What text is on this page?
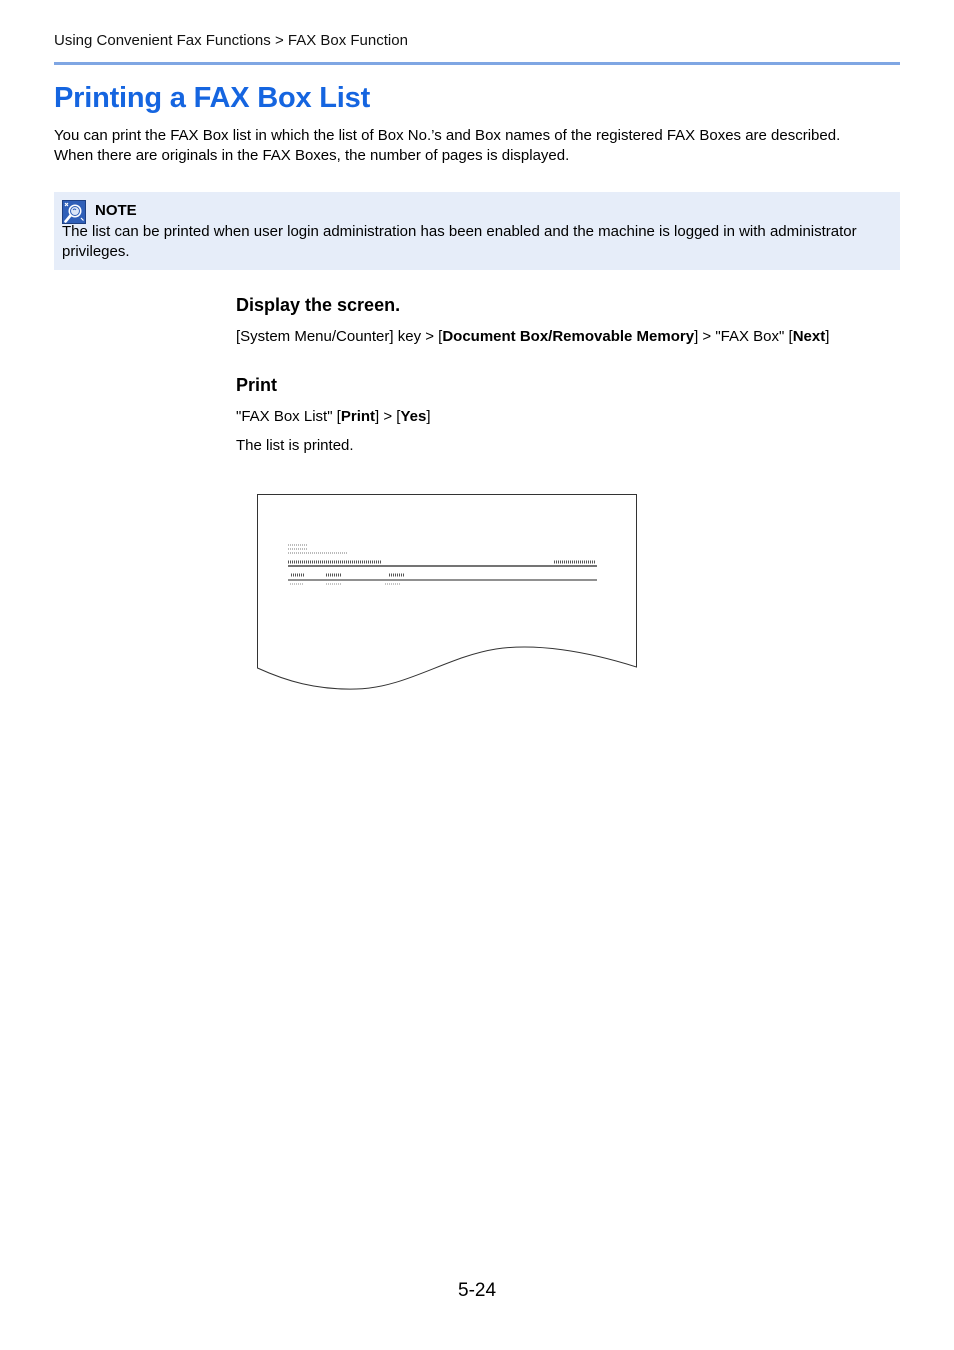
Using Convenient Fax Functions > FAX Box Function
Printing a FAX Box List

You can print the FAX Box list in which the list of Box No.’s and Box names of the registered FAX Boxes are described.
When there are originals in the FAX Boxes, the number of pages is displayed.

NOTE

The list can be printed when user login administration has been enabled and the machine is logged in with administrator privileges.

Display the screen.

[System Menu/Counter] key > [Document Box/Removable Memory] > "FAX Box" [Next]

Print

"FAX Box List" [Print] > [Yes]

The list is printed.

5-24
